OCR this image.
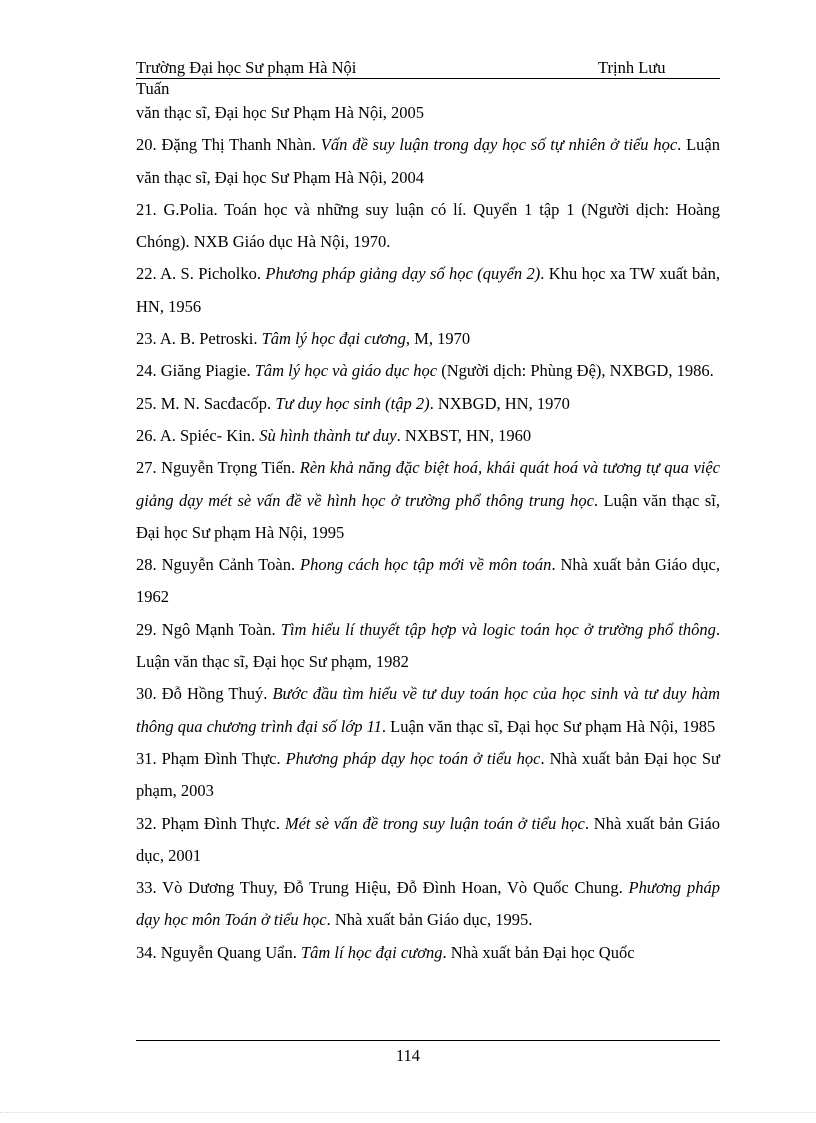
Trường Đại học Sư phạm Hà Nội	Trịnh Lưu
Tuấn

văn thạc sĩ, Đại học Sư Phạm Hà Nội, 2005

20. Đặng Thị Thanh Nhàn. Vấn đề suy luận trong dạy học số tự nhiên ở tiểu học. Luận văn thạc sĩ, Đại học Sư Phạm Hà Nội, 2004

21. G.Polia. Toán học và những suy luận có lí. Quyển 1 tập 1 (Người dịch: Hoàng Chóng). NXB Giáo dục Hà Nội, 1970.

22. A. S. Picholko. Phương pháp giảng dạy số học (quyển 2). Khu học xa TW xuất bản, HN, 1956

23. A. B. Petroski. Tâm lý học đại cương, M, 1970

24. Giăng Piagie. Tâm lý học và giáo dục học (Người dịch: Phùng Đệ), NXBGD, 1986.

25. M. N. Sacđacốp. Tư duy học sinh (tập 2). NXBGD, HN, 1970

26. A. Spiéc- Kin. Sù hình thành tư duy. NXBST, HN, 1960

27. Nguyễn Trọng Tiến. Rèn khả năng đặc biệt hoá, khái quát hoá và tương tự qua việc giảng dạy mét sè vấn đề về hình học ở trường phổ thông trung học. Luận văn thạc sĩ, Đại học Sư phạm Hà Nội, 1995

28. Nguyễn Cảnh Toàn. Phong cách học tập mới về môn toán. Nhà xuất bản Giáo dục, 1962

29. Ngô Mạnh Toàn. Tìm hiểu lí thuyết tập hợp và logic toán học ở trường phổ thông. Luận văn thạc sĩ, Đại học Sư phạm, 1982

30. Đỗ Hồng Thuý. Bước đầu tìm hiểu về tư duy toán học của học sinh và tư duy hàm thông qua chương trình đại số lớp 11. Luận văn thạc sĩ, Đại học Sư phạm Hà Nội, 1985

31. Phạm Đình Thực. Phương pháp dạy học toán ở tiểu học. Nhà xuất bản Đại học Sư phạm, 2003

32. Phạm Đình Thực. Mét sè vấn đề trong suy luận toán ở tiểu học. Nhà xuất bản Giáo dục, 2001

33. Vò Dương Thuy, Đỗ Trung Hiệu, Đỗ Đình Hoan, Vò Quốc Chung. Phương pháp dạy học môn Toán ở tiểu học. Nhà xuất bản Giáo dục, 1995.

34. Nguyễn Quang Uẩn. Tâm lí học đại cương. Nhà xuất bản Đại học Quốc

114
